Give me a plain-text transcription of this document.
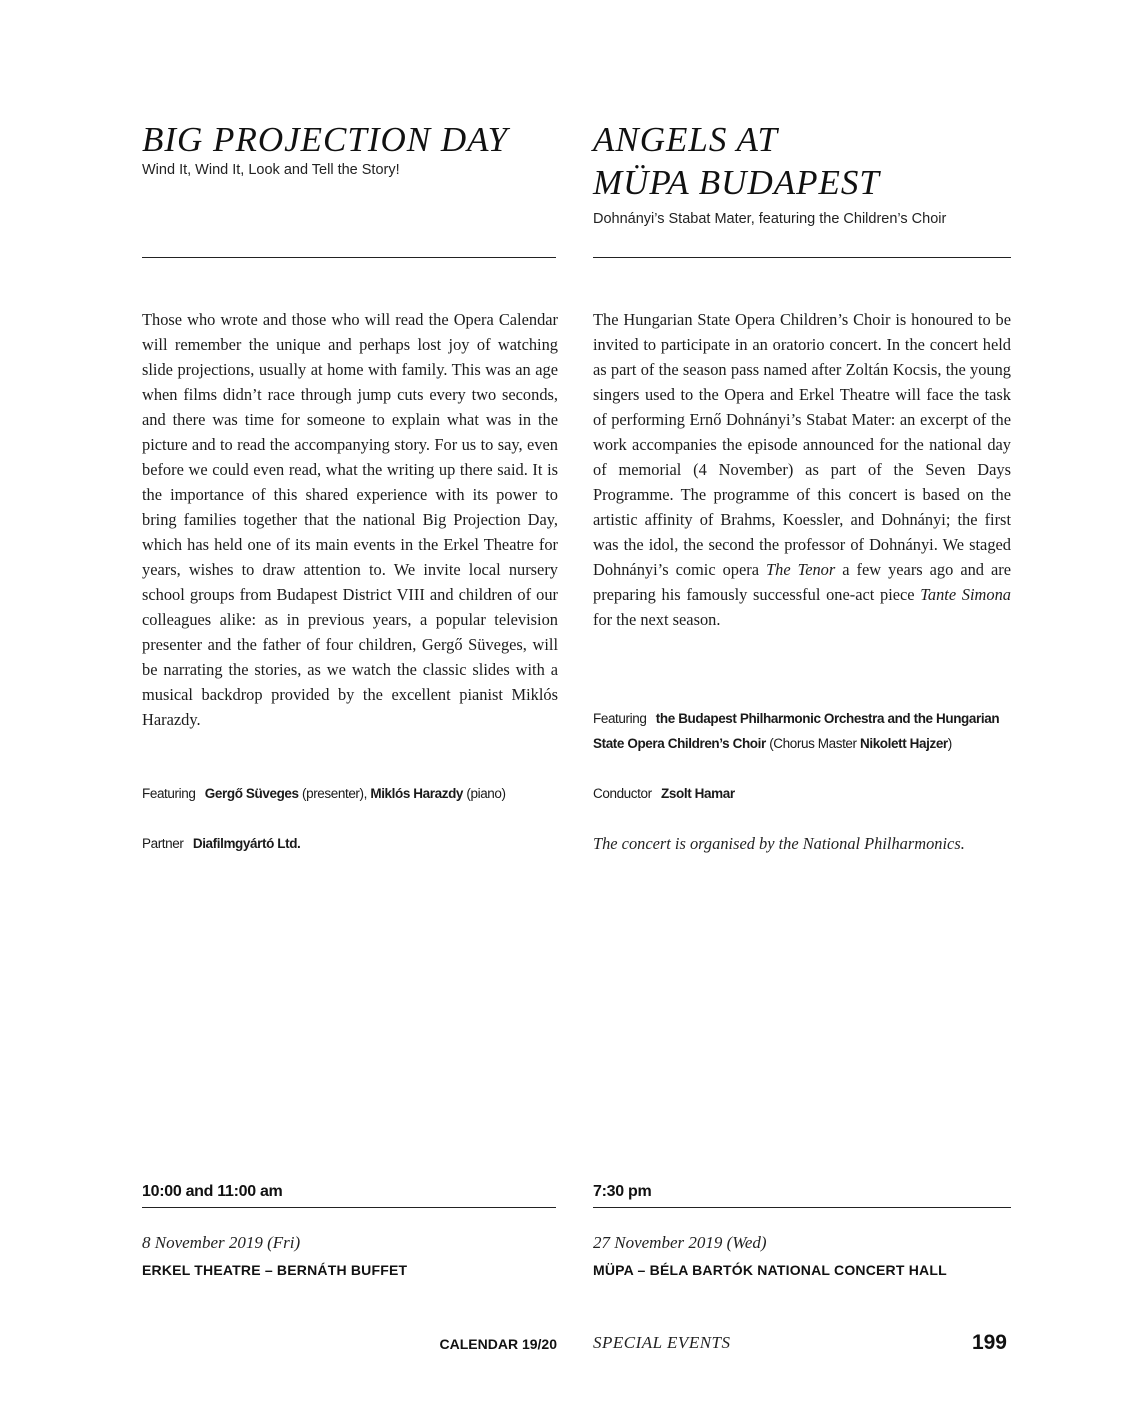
BIG PROJECTION DAY

Wind It, Wind It, Look and Tell the Story!

Those who wrote and those who will read the Opera Calendar will remember the unique and perhaps lost joy of watching slide projections, usually at home with family. This was an age when films didn’t race through jump cuts every two seconds, and there was time for someone to explain what was in the picture and to read the accompanying story. For us to say, even before we could even read, what the writing up there said. It is the importance of this shared experience with its power to bring families together that the national Big Projection Day, which has held one of its main events in the Erkel Theatre for years, wishes to draw attention to. We invite local nursery school groups from Budapest District VIII and children of our colleagues alike: as in previous years, a popular television presenter and the father of four children, Gergő Süveges, will be narrating the stories, as we watch the classic slides with a musical backdrop provided by the excellent pianist Miklós Harazdy.

Featuring Gergő Süveges (presenter), Miklós Harazdy (piano)

Partner Diafilmgyártó Ltd.

10:00 and 11:00 am

8 November 2019 (Fri)

ERKEL THEATRE – BERNÁTH BUFFET

ANGELS AT
MÜPA BUDAPEST

Dohnányi’s Stabat Mater, featuring the Children’s Choir

The Hungarian State Opera Children’s Choir is honoured to be invited to participate in an oratorio concert. In the concert held as part of the season pass named after Zoltán Kocsis, the young singers used to the Opera and Erkel Theatre will face the task of performing Ernő Dohnányi’s Stabat Mater: an excerpt of the work accompanies the episode announced for the national day of memorial (4 November) as part of the Seven Days Programme. The programme of this concert is based on the artistic affinity of Brahms, Koessler, and Dohnányi; the first was the idol, the second the professor of Dohnányi. We staged Dohnányi’s comic opera The Tenor a few years ago and are preparing his famously successful one-act piece Tante Simona for the next season.

Featuring the Budapest Philharmonic Orchestra and the Hungarian State Opera Children’s Choir (Chorus Master Nikolett Hajzer)

Conductor Zsolt Hamar

The concert is organised by the National Philharmonics.

7:30 pm

27 November 2019 (Wed)

MÜPA – BÉLA BARTÓK NATIONAL CONCERT HALL

CALENDAR 19/20 SPECIAL EVENTS	199
